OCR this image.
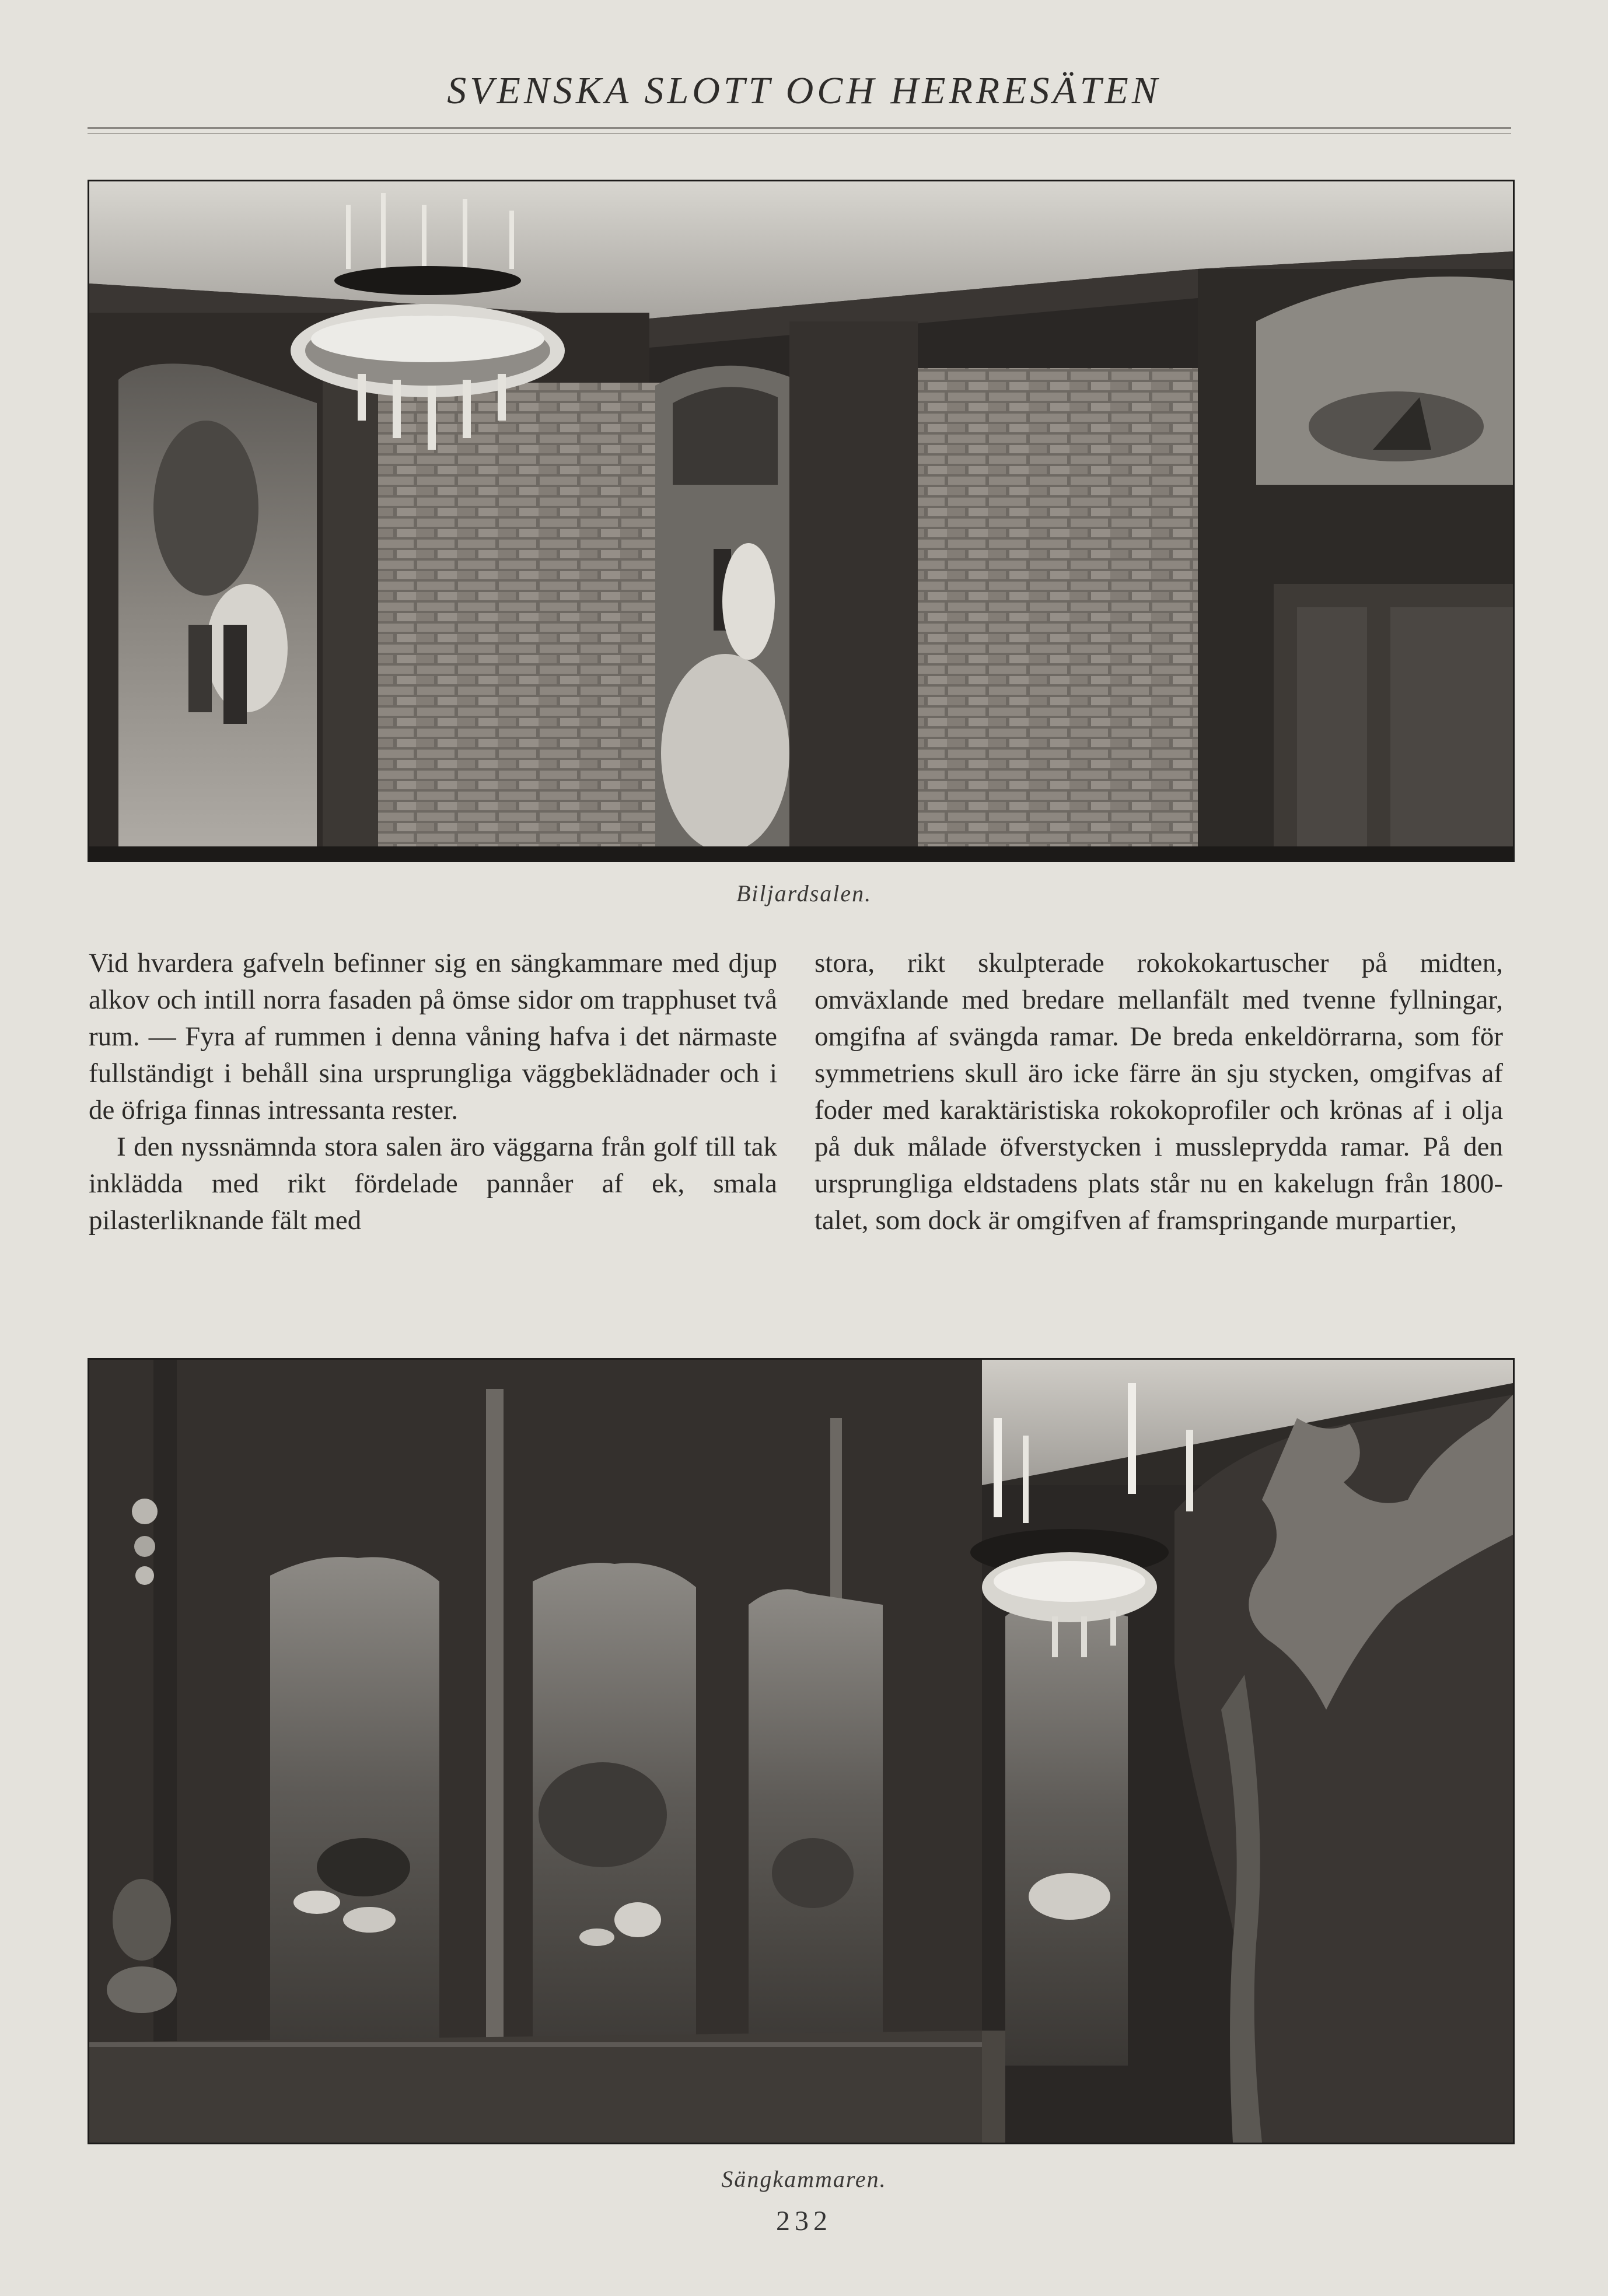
SVENSKA SLOTT OCH HERRESÄTEN
Biljardsalen.

Vid hvardera gafveln befinner sig en sängkammare med djup alkov och intill norra fasaden på ömse sidor om trapphuset två rum. — Fyra af rummen i denna våning hafva i det närmaste fullständigt i behåll sina ursprungliga väggbeklädnader och i de öfriga finnas intressanta rester.

I den nyssnämnda stora salen äro väggarna från golf till tak inklädda med rikt fördelade pannåer af ek, smala pilasterliknande fält med

stora, rikt skulpterade rokokokartuscher på midten, omväxlande med bredare mellanfält med tvenne fyllningar, omgifna af svängda ramar. De breda enkeldörrarna, som för symmetriens skull äro icke färre än sju stycken, omgifvas af foder med karaktäristiska rokokoprofiler och krönas af i olja på duk målade öfverstycken i mussleprydda ramar. På den ursprungliga eldstadens plats står nu en kakelugn från 1800-talet, som dock är omgifven af framspringande murpartier,

Sängkammaren.
232
